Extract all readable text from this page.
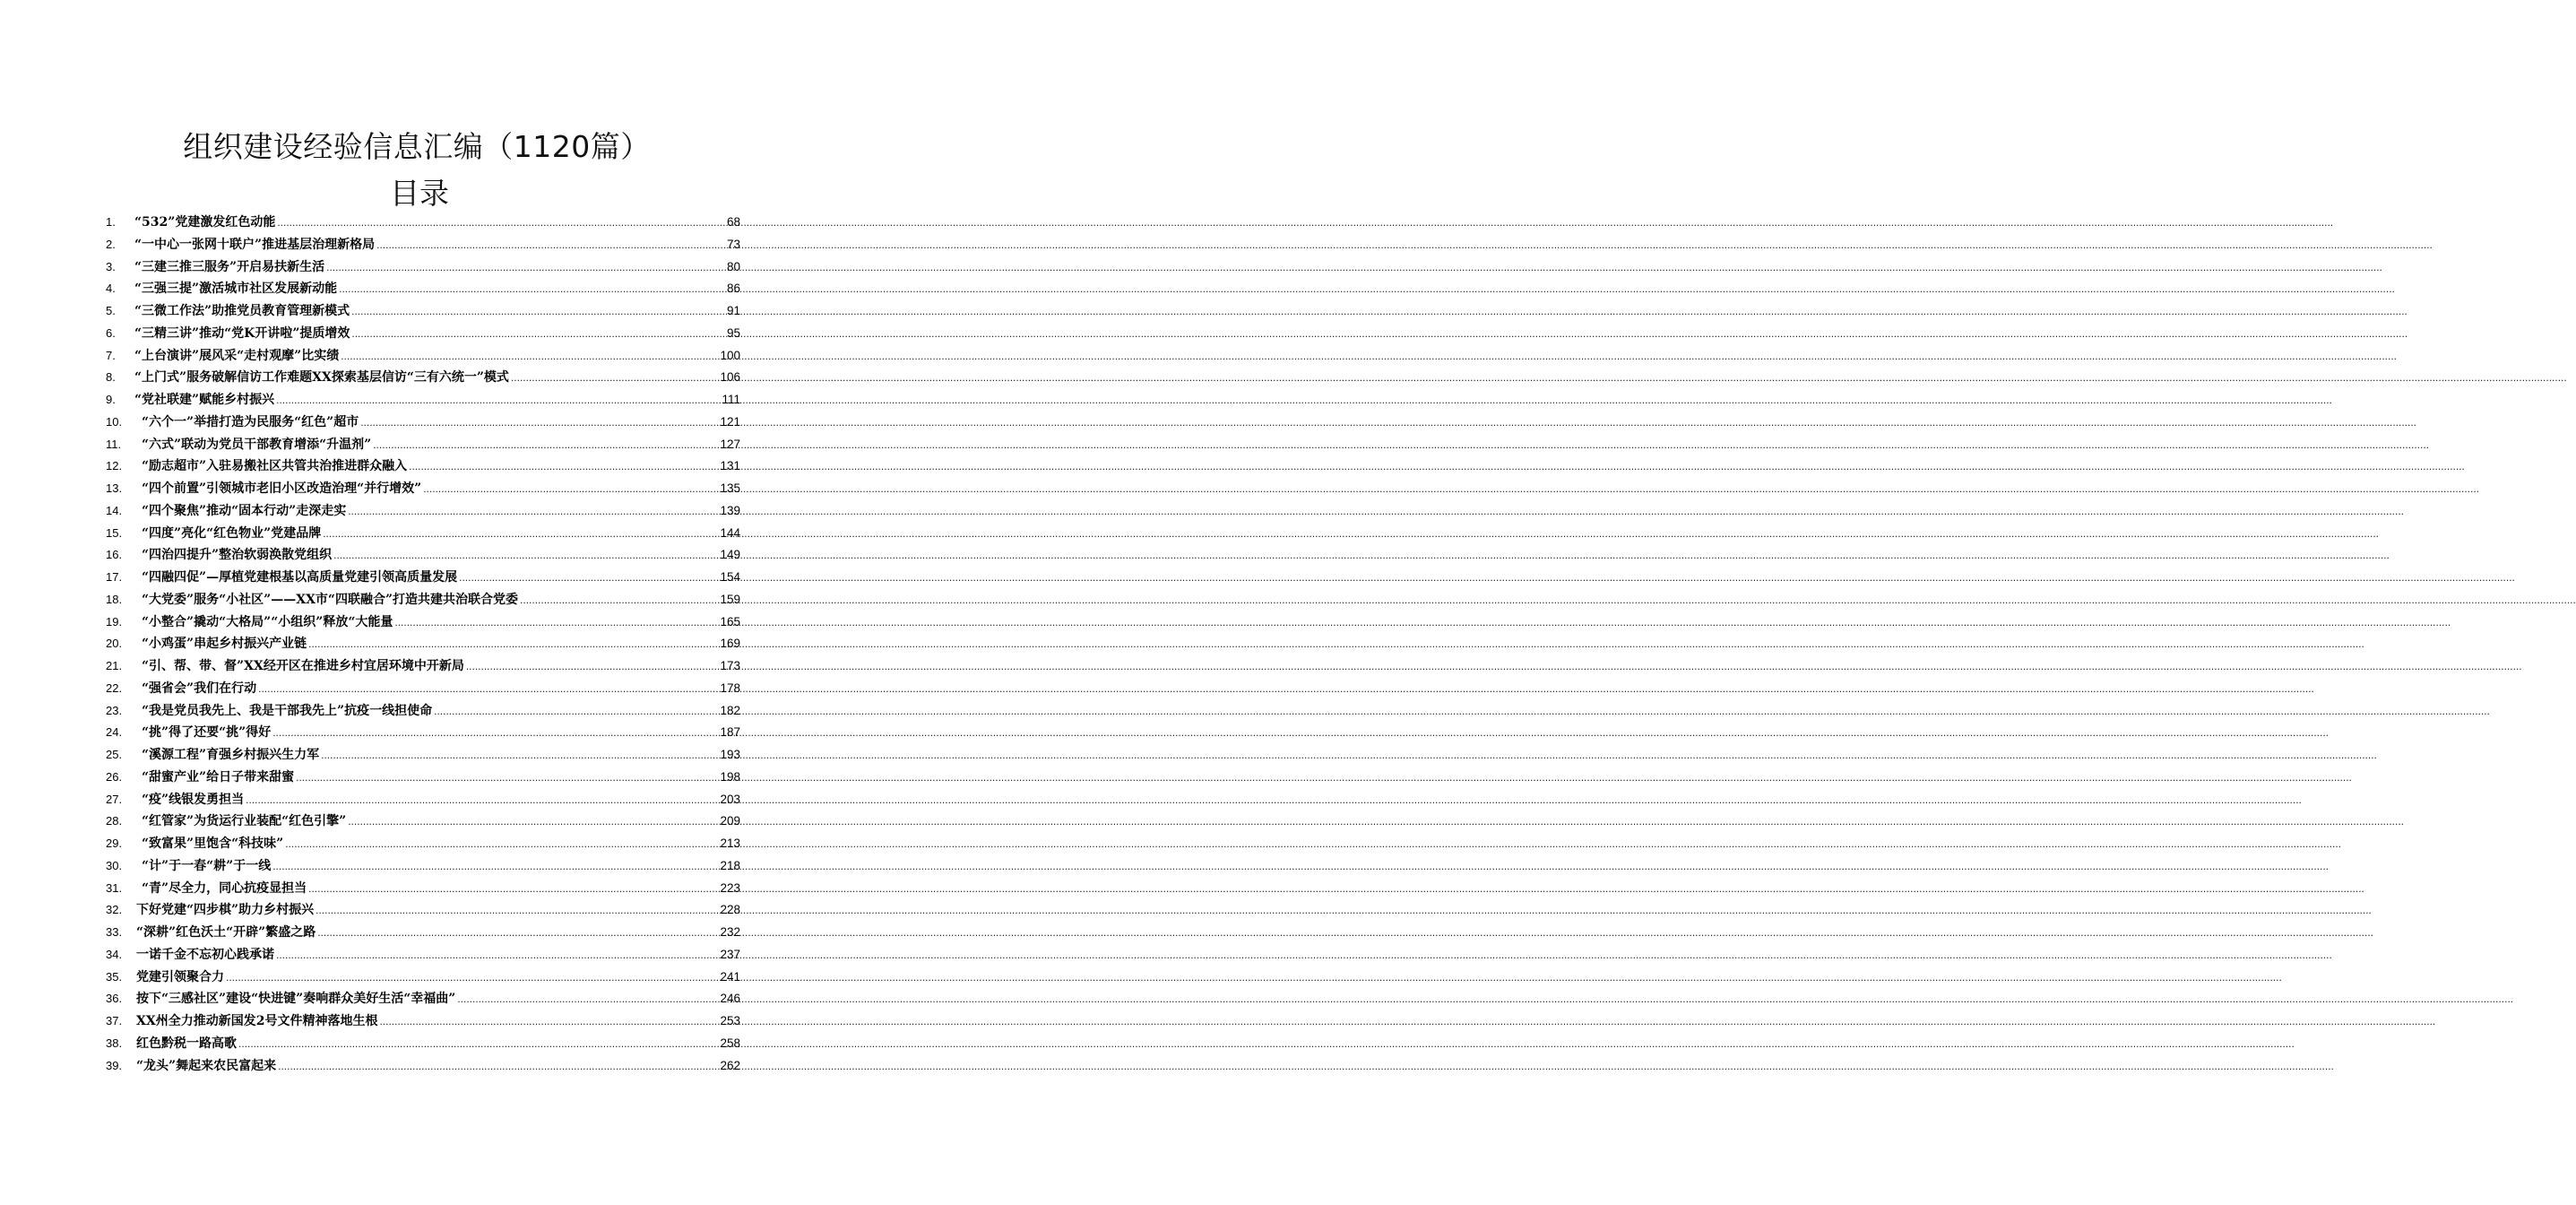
组织建设经验信息汇编（1120篇）
目录
1.	“532”党建激发红色动能 .....	68
2.	“一中心一张网十联户”推进基层治理新格局 .....	73
3.	“三建三推三服务”开启易扶新生活 .....	80
4.	“三强三提”激活城市社区发展新动能 .....	86
5.	“三微工作法”助推党员教育管理新模式 .....	91
6.	“三精三讲”推动“党K开讲啦”提质增效 .....	95
7.	“上台演讲”展风采“走村观摩”比实绩 .....	100
8.	“上门式”服务破解信访工作难题XX探索基层信访“三有六统一”模式 .....	106
9.	“党社联建”赋能乡村振兴 .....	111
10.	“六个一”举措打造为民服务“红色”超市 .....	121
11.	“六式”联动为党员干部教育增添“升温剂” .....	127
12.	“励志超市”入驻易搬社区共管共治推进群众融入 .....	131
13.	“四个前置”引领城市老旧小区改造治理“并行增效” .....	135
14.	“四个聚焦”推动“固本行动”走深走实 .....	139
15.	“四度”亮化“红色物业”党建品牌 .....	144
16.	“四治四提升”整治软弱涣散党组织 .....	149
17.	“四融四促”—厚植党建根基以高质量党建引领高质量发展 .....	154
18.	“大党委”服务“小社区”——XX市“四联融合”打造共建共治联合党委 .....	159
19.	“小整合”撬动“大格局”“小组织”释放“大能量 .....	165
20.	“小鸡蛋”串起乡村振兴产业链 .....	169
21.	“引、帮、带、督”XX经开区在推进乡村宜居环境中开新局 .....	173
22.	“强省会”我们在行动 .....	178
23.	“我是党员我先上、我是干部我先上”抗疫一线担使命 .....	182
24.	“挑”得了还要“挑”得好 .....	187
25.	“溪源工程”育强乡村振兴生力军 .....	193
26.	“甜蜜产业”给日子带来甜蜜 .....	198
27.	“疫”线银发勇担当 .....	203
28.	“红管家”为货运行业装配“红色引擎” .....	209
29.	“致富果”里饱含“科技味” .....	213
30.	“计”于一春“耕”于一线 .....	218
31.	“青”尽全力，同心抗疫显担当 .....	223
32.	下好党建“四步棋”助力乡村振兴 .....	228
33.	“深耕”红色沃土“开辟”繁盛之路 .....	232
34.	一诺千金不忘初心践承诺 .....	237
35.	党建引领聚合力 .....	241
36.	按下“三感社区”建设“快进键”奏响群众美好生活“幸福曲” .....	246
37.	XX州全力推动新国发2号文件精神落地生根 .....	253
38.	红色黔税一路高歌 .....	258
39.	“龙头”舞起来农民富起来 .....	262
